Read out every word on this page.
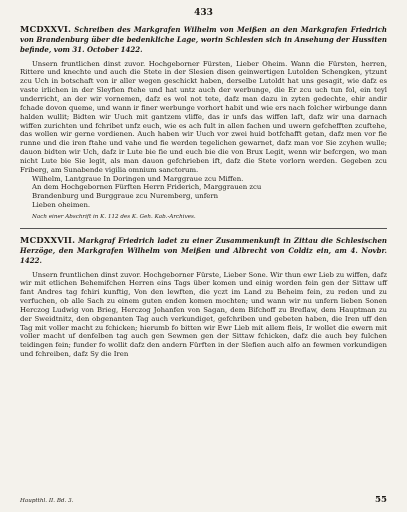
433
MCDXXVI. Schreiben des Markgrafen Wilhelm von Meißen an den Markgrafen Friedrich von Brandenburg über die bedenkliche Lage, worin Schlesien sich in Ansehung der Hussiten befinde, vom 31. October 1422.
Unsern fruntlichen dinst zuvor. Hochgeborner Fürsten, Lieber Oheim. Wann die Fürsten, herren, Rittere und knechte und auch die Stete in der Slesien disen geinwertigen Lutolden Schengken, ytzunt zcu Uch in botschaft von ir aller wegen geschickt haben, derselbe Lutoldt hat uns gesagit, wie dafz es vaste irlichen in der Sleyfien ftehe und hat untz auch der werbunge, die Er zcu uch tun fol, ein teyl underricht, an der wir vornemen, dafz es wol not tete, dafz man dazu in zyten gedechte, ehir andir fchade dovon queme, und wann ir finer werbunge vorhort habit und wie ers nach folcher wirbunge dann halden wullit; Bidten wir Uuch mit gantzem vliffe, das ir unfs das wiffen laft, dafz wir una darnach wiffen zurichten und fchribet unfz euch, wie es ach fult in allen fachen und uwern gefchefften zcuftehe, das wollen wir gerne vordienen. Auch haben wir Uuch vor zwei huid botfchafft getan, dafz men vor fie runne und die iren ftahe und vahe und fie werden tegelichen gewarnet, dafz man vor Sie zcyhen wulle; dauon bidten wir Uch, dafz ir Lute bie fie und euch bie die von Brux Legit, wenn wir befcrgen, wo man nicht Lute bie Sie legit, als man dauon gefchrieben ift, dafz die Stete vorlorn werden. Gegeben zcu Friberg, am Sunabende vigilia omnium sanctorum.
Wilhelm, Lantgraue In Doringen und Marggraue zcu Miffen.
An dem Hochgebornen Fürften Herrn Friderich, Marggrauen zcu
Brandenburg und Burggraue zcu Nuremberg, unfern
Lieben oheimen.
Nach einer Abschrift in K. 112 des K. Geh. Kab.-Archives.
MCDXXVII. Markgraf Friedrich ladet zu einer Zusammenkunft in Zittau die Schlesischen Herzöge, den Markgrafen Wilhelm von Meißen und Albrecht von Coldiz ein, am 4. Novbr. 1422.
Unsern fruntlichen dinst zuvor. Hochgeborner Fürste, Lieber Sone. Wir thun ewr Lieb zu wiffen, dafz wir mit etlichen Behemifchen Herren eins Tags über komen und einig worden fein gen der Sittaw uff fant Andres tag fchiri kunftig, Von den lewften, die yczt im Land zu Beheim fein, zu reden und zu verfuchen, ob alle Sach zu einem guten enden komen mochten; und wann wir nu unfern lieben Sonen Herczog Ludwig von Brieg, Herczog Johanfen von Sagan, dem Bifchoff zu Breflaw, dem Hauptman zu der Sweidtnitz, den obgenanten Tag auch verkundiget, gefchriben und gebeten haben, die Iren uff den Tag mit voller macht zu fchicken; hierumb fo bitten wir Ewr Lieb mit allem fleis, Ir wollet die ewern mit voller macht uf denfelben tag auch gen Sewmen gen der Sittaw fchicken, dafz die auch bey fulchen teidingen fein; funder fo wollit dafz den andern Fürften in der Slefien auch alfo an fewmen vorkundigen und fchreiben, dafz Sy die Iren
Hauptthl. II. Bd. 3.	55
